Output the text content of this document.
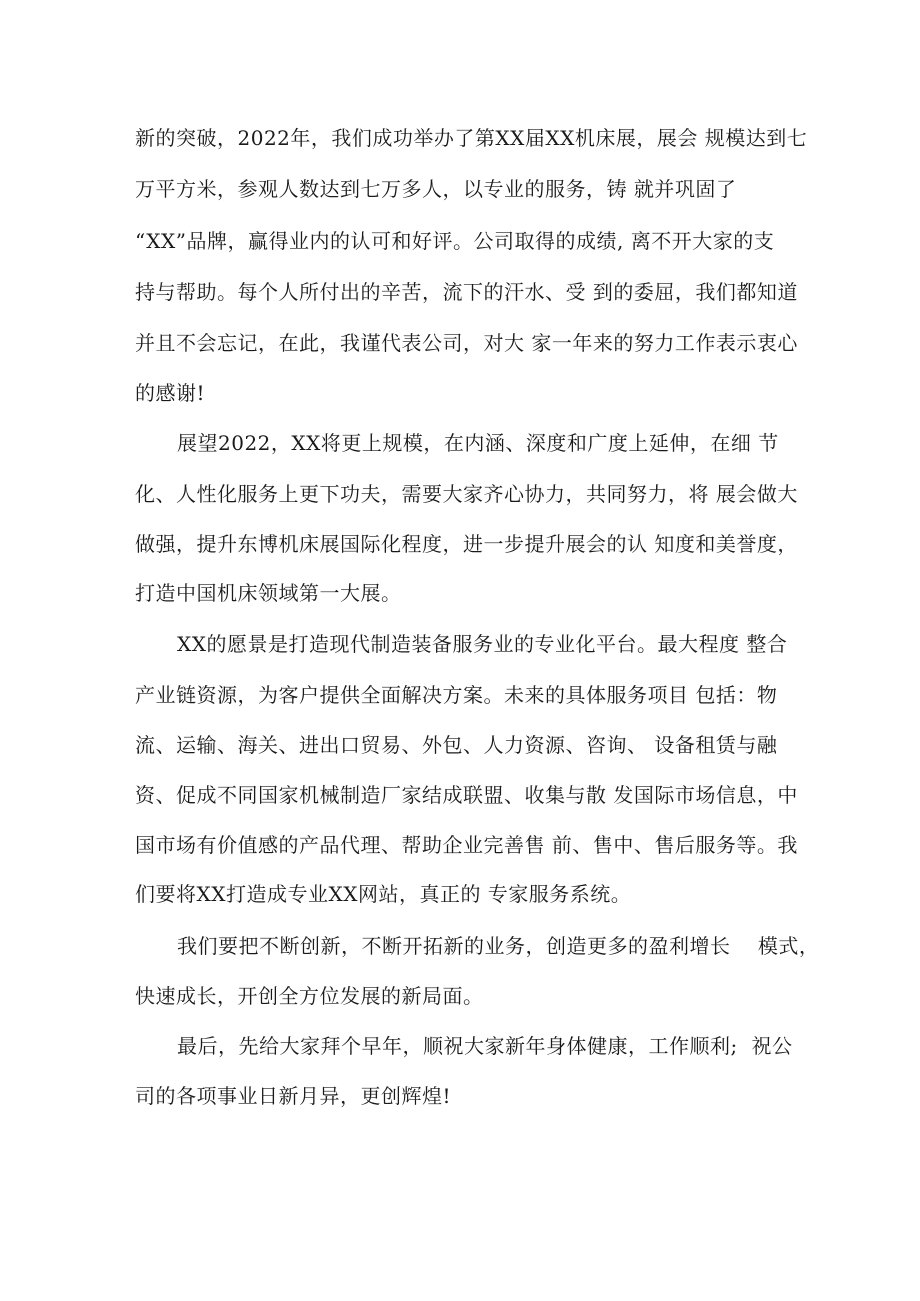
新的突破，2022年，我们成功举办了第XX届XX机床展，展会 规模达到七
万平方米，参观人数达到七万多人，以专业的服务，铸 就并巩固了
“XX”品牌，赢得业内的认可和好评。公司取得的成绩, 离不开大家的支
持与帮助。每个人所付出的辛苦，流下的汗水、受 到的委屈，我们都知道
并且不会忘记，在此，我谨代表公司，对大 家一年来的努力工作表示衷心
的感谢!
展望2022，XX将更上规模，在内涵、深度和广度上延伸，在细 节
化、人性化服务上更下功夫，需要大家齐心协力，共同努力，将 展会做大
做强，提升东博机床展国际化程度，进一步提升展会的认 知度和美誉度，
打造中国机床领域第一大展。
XX的愿景是打造现代制造装备服务业的专业化平台。最大程度 整合
产业链资源，为客户提供全面解决方案。未来的具体服务项目 包括：物
流、运输、海关、进出口贸易、外包、人力资源、咨询、 设备租赁与融
资、促成不同国家机械制造厂家结成联盟、收集与散 发国际市场信息，中
国市场有价值感的产品代理、帮助企业完善售 前、售中、售后服务等。我
们要将XX打造成专业XX网站，真正的 专家服务系统。
我们要把不断创新，不断开拓新的业务，创造更多的盈利增长    模式，
快速成长，开创全方位发展的新局面。
最后，先给大家拜个早年，顺祝大家新年身体健康，工作顺利;  祝公
司的各项事业日新月异，更创辉煌!
